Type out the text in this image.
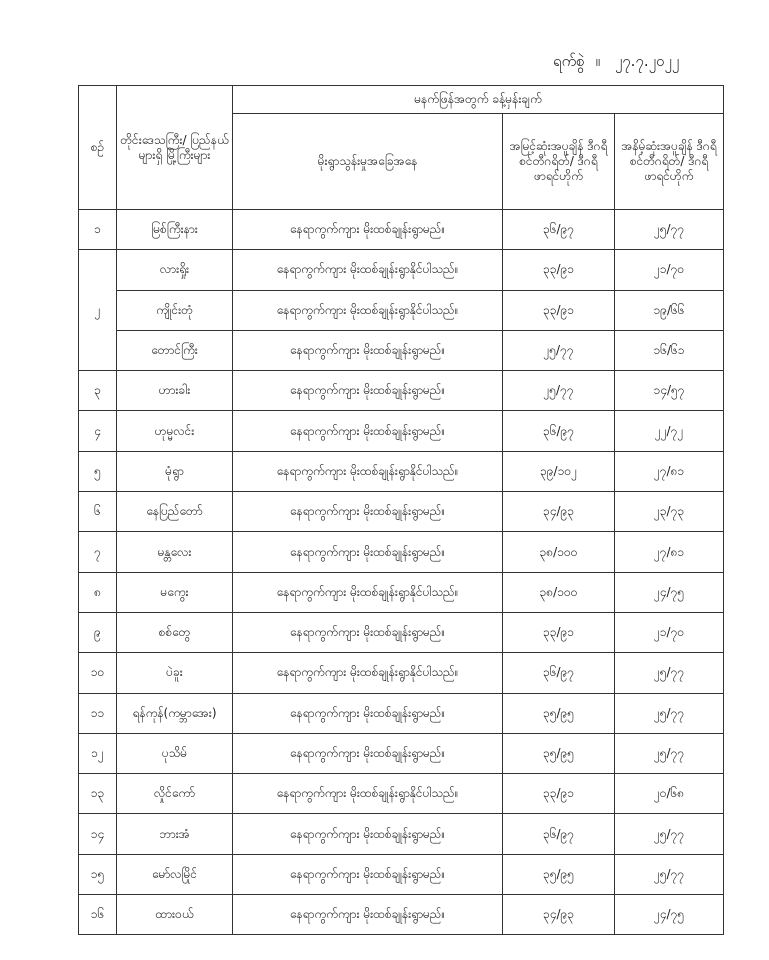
ရက်စွဲ ။ ၂၇.၇.၂၀၂၂
စဉ်	တိုင်းဒေသကြီး/ ပြည်နယ်များရှိ မြို့ကြီးများ	မနက်ဖြန်အတွက် ခန့်မှန်းချက်		
		မိုးရွာသွန်းမှုအခြေအနေ	အမြင့်ဆုံးအပူချိန် ဒီဂရီစင်တီဂရိတ်/ ဒီဂရီဖာရင်ဟိုက်	အနိမ့်ဆုံးအပူချိန် ဒီဂရီစင်တီဂရိတ်/ ဒီဂရီဖာရင်ဟိုက်
၁	မြစ်ကြီးနား	နေရာကွက်ကျား မိုးထစ်ချုန်းရွာမည်။	၃၆/၉၇	၂၅/၇၇
၂	လားရှိုး	နေရာကွက်ကျား မိုးထစ်ချုန်းရွာနိုင်ပါသည်။	၃၃/၉၁	၂၁/၇၀
	ကျိုင်းတုံ	နေရာကွက်ကျား မိုးထစ်ချုန်းရွာနိုင်ပါသည်။	၃၃/၉၁	၁၉/၆၆
	တောင်ကြီး	နေရာကွက်ကျား မိုးထစ်ချုန်းရွာမည်။	၂၅/၇၇	၁၆/၆၁
၃	ဟားခါး	နေရာကွက်ကျား မိုးထစ်ချုန်းရွာမည်။	၂၅/၇၇	၁၄/၅၇
၄	ဟုမ္မလင်း	နေရာကွက်ကျား မိုးထစ်ချုန်းရွာမည်။	၃၆/၉၇	၂၂/၇၂
၅	မုံရွာ	နေရာကွက်ကျား မိုးထစ်ချုန်းရွာနိုင်ပါသည်။	၃၉/၁၀၂	၂၇/၈၁
၆	နေပြည်တော်	နေရာကွက်ကျား မိုးထစ်ချုန်းရွာမည်။	၃၄/၉၃	၂၃/၇၃
၇	မန္တလေး	နေရာကွက်ကျား မိုးထစ်ချုန်းရွာမည်။	၃၈/၁၀၀	၂၇/၈၁
၈	မကွေး	နေရာကွက်ကျား မိုးထစ်ချုန်းရွာနိုင်ပါသည်။	၃၈/၁၀၀	၂၄/၇၅
၉	စစ်တွေ	နေရာကွက်ကျား မိုးထစ်ချုန်းရွာမည်။	၃၃/၉၁	၂၁/၇၀
၁၀	ပဲခူး	နေရာကွက်ကျား မိုးထစ်ချုန်းရွာနိုင်ပါသည်။	၃၆/၉၇	၂၅/၇၇
၁၁	ရန်ကုန်(ကမ္ဘာအေး)	နေရာကွက်ကျား မိုးထစ်ချုန်းရွာမည်။	၃၅/၉၅	၂၅/၇၇
၁၂	ပုသိမ်	နေရာကွက်ကျား မိုးထစ်ချုန်းရွာမည်။	၃၅/၉၅	၂၅/၇၇
၁၃	လှိုင်ကော်	နေရာကွက်ကျား မိုးထစ်ချုန်းရွာနိုင်ပါသည်။	၃၃/၉၁	၂၀/၆၈
၁၄	ဘားအံ	နေရာကွက်ကျား မိုးထစ်ချုန်းရွာမည်။	၃၆/၉၇	၂၅/၇၇
၁၅	မော်လမြိုင်	နေရာကွက်ကျား မိုးထစ်ချုန်းရွာမည်။	၃၅/၉၅	၂၅/၇၇
၁၆	ထားဝယ်	နေရာကွက်ကျား မိုးထစ်ချုန်းရွာမည်။	၃၄/၉၃	၂၄/၇၅
